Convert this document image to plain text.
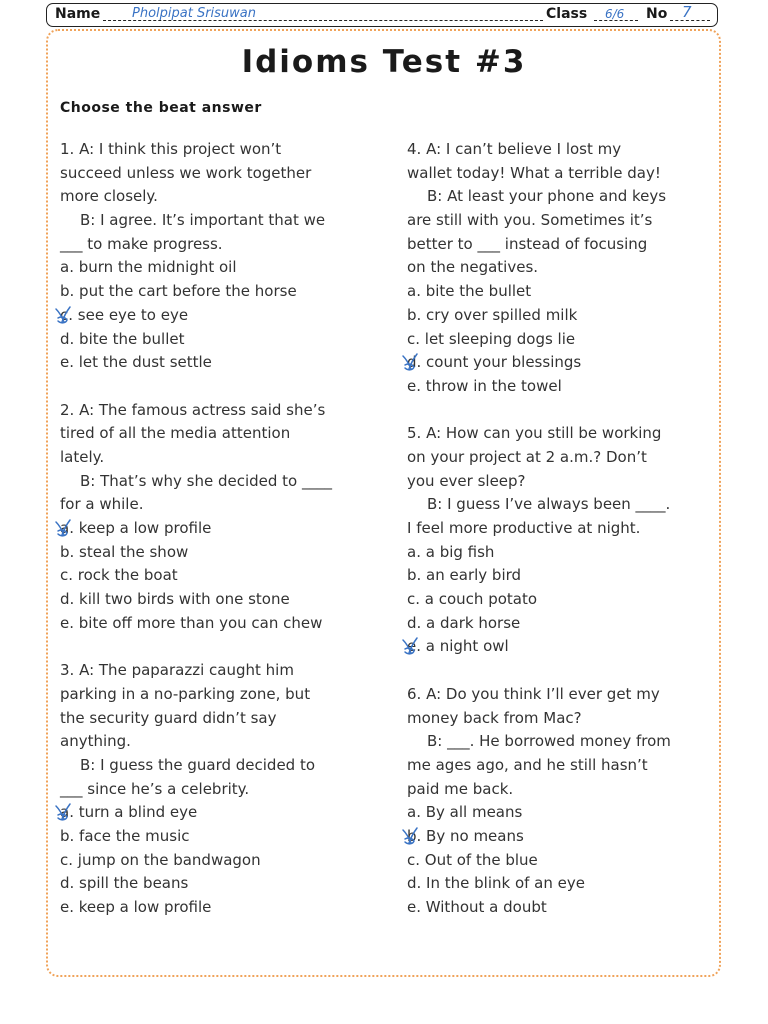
Name Pholpipat Srisuwan	Class 6/6 No 7
Idioms Test #3
Choose the beat answer
1. A: I think this project won’t
succeed unless we work together
more closely.
B: I agree. It’s important that we
___ to make progress.
a. burn the midnight oil
b. put the cart before the horse
c. see eye to eye
d. bite the bullet
e. let the dust settle
2. A: The famous actress said she’s
tired of all the media attention
lately.
B: That’s why she decided to ____
for a while.
a. keep a low profile
b. steal the show
c. rock the boat
d. kill two birds with one stone
e. bite off more than you can chew
3. A: The paparazzi caught him
parking in a no-parking zone, but
the security guard didn’t say
anything.
B: I guess the guard decided to
___ since he’s a celebrity.
a. turn a blind eye
b. face the music
c. jump on the bandwagon
d. spill the beans
e. keep a low profile
4. A: I can’t believe I lost my
wallet today! What a terrible day!
B: At least your phone and keys
are still with you. Sometimes it’s
better to ___ instead of focusing
on the negatives.
a. bite the bullet
b. cry over spilled milk
c. let sleeping dogs lie
d. count your blessings
e. throw in the towel
5. A: How can you still be working
on your project at 2 a.m.? Don’t
you ever sleep?
B: I guess I’ve always been ____.
I feel more productive at night.
a. a big fish
b. an early bird
c. a couch potato
d. a dark horse
e. a night owl
6. A: Do you think I’ll ever get my
money back from Mac?
B: ___. He borrowed money from
me ages ago, and he still hasn’t
paid me back.
a. By all means
b. By no means
c. Out of the blue
d. In the blink of an eye
e. Without a doubt
